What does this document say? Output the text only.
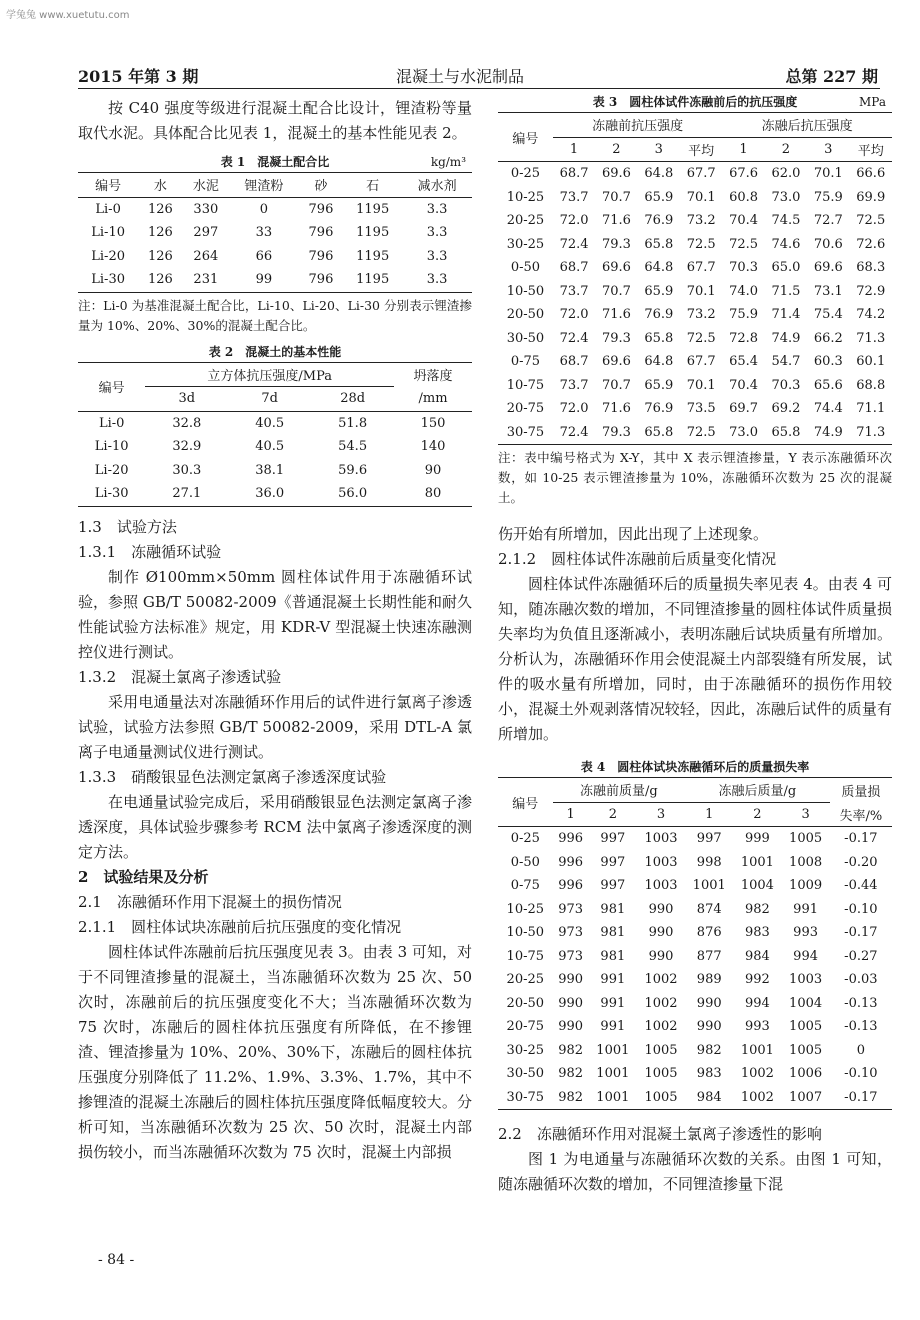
学兔兔 www.xuetutu.com
2015 年第 3 期	混凝土与水泥制品	总第 227 期

按 C40 强度等级进行混凝土配合比设计，锂渣粉等量取代水泥。具体配合比见表 1，混凝土的基本性能见表 2。

表 1　混凝土配合比	kg/m³
编号	水	水泥	锂渣粉	砂	石	减水剂
Li-0	126	330	0	796	1195	3.3
Li-10	126	297	33	796	1195	3.3
Li-20	126	264	66	796	1195	3.3
Li-30	126	231	99	796	1195	3.3
注：Li-0 为基准混凝土配合比，Li-10、Li-20、Li-30 分别表示锂渣掺量为 10%、20%、30%的混凝土配合比。
表 2　混凝土的基本性能
编号	立方体抗压强度/MPa			坍落度
	3d	7d	28d	/mm
Li-0	32.8	40.5	51.8	150
Li-10	32.9	40.5	54.5	140
Li-20	30.3	38.1	59.6	90
Li-30	27.1	36.0	56.0	80
1.3　试验方法
1.3.1　冻融循环试验

制作 Ø100mm×50mm 圆柱体试件用于冻融循环试验，参照 GB/T 50082-2009《普通混凝土长期性能和耐久性能试验方法标准》规定，用 KDR-V 型混凝土快速冻融测控仪进行测试。

1.3.2　混凝土氯离子渗透试验

采用电通量法对冻融循环作用后的试件进行氯离子渗透试验，试验方法参照 GB/T 50082-2009，采用 DTL-A 氯离子电通量测试仪进行测试。

1.3.3　硝酸银显色法测定氯离子渗透深度试验

在电通量试验完成后，采用硝酸银显色法测定氯离子渗透深度，具体试验步骤参考 RCM 法中氯离子渗透深度的测定方法。

2　试验结果及分析
2.1　冻融循环作用下混凝土的损伤情况
2.1.1　圆柱体试块冻融前后抗压强度的变化情况

圆柱体试件冻融前后抗压强度见表 3。由表 3 可知，对于不同锂渣掺量的混凝土，当冻融循环次数为 25 次、50 次时，冻融前后的抗压强度变化不大；当冻融循环次数为 75 次时，冻融后的圆柱体抗压强度有所降低，在不掺锂渣、锂渣掺量为 10%、20%、30%下，冻融后的圆柱体抗压强度分别降低了 11.2%、1.9%、3.3%、1.7%，其中不掺锂渣的混凝土冻融后的圆柱体抗压强度降低幅度较大。分析可知，当冻融循环次数为 25 次、50 次时，混凝土内部损伤较小，而当冻融循环次数为 75 次时，混凝土内部损

表 3　圆柱体试件冻融前后的抗压强度	MPa
编号	冻融前抗压强度				冻融后抗压强度			
	1	2	3	平均	1	2	3	平均
0-25	68.7	69.6	64.8	67.7	67.6	62.0	70.1	66.6
10-25	73.7	70.7	65.9	70.1	60.8	73.0	75.9	69.9
20-25	72.0	71.6	76.9	73.2	70.4	74.5	72.7	72.5
30-25	72.4	79.3	65.8	72.5	72.5	74.6	70.6	72.6
0-50	68.7	69.6	64.8	67.7	70.3	65.0	69.6	68.3
10-50	73.7	70.7	65.9	70.1	74.0	71.5	73.1	72.9
20-50	72.0	71.6	76.9	73.2	75.9	71.4	75.4	74.2
30-50	72.4	79.3	65.8	72.5	72.8	74.9	66.2	71.3
0-75	68.7	69.6	64.8	67.7	65.4	54.7	60.3	60.1
10-75	73.7	70.7	65.9	70.1	70.4	70.3	65.6	68.8
20-75	72.0	71.6	76.9	73.5	69.7	69.2	74.4	71.1
30-75	72.4	79.3	65.8	72.5	73.0	65.8	74.9	71.3
注：表中编号格式为 X-Y，其中 X 表示锂渣掺量，Y 表示冻融循环次数，如 10-25 表示锂渣掺量为 10%，冻融循环次数为 25 次的混凝土。

伤开始有所增加，因此出现了上述现象。

2.1.2　圆柱体试件冻融前后质量变化情况

圆柱体试件冻融循环后的质量损失率见表 4。由表 4 可知，随冻融次数的增加，不同锂渣掺量的圆柱体试件质量损失率均为负值且逐渐减小，表明冻融后试块质量有所增加。分析认为，冻融循环作用会使混凝土内部裂缝有所发展，试件的吸水量有所增加，同时，由于冻融循环的损伤作用较小，混凝土外观剥落情况较轻，因此，冻融后试件的质量有所增加。

表 4　圆柱体试块冻融循环后的质量损失率
编号	冻融前质量/g			冻融后质量/g			质量损
	1	2	3	1	2	3	失率/%
0-25	996	997	1003	997	999	1005	-0.17
0-50	996	997	1003	998	1001	1008	-0.20
0-75	996	997	1003	1001	1004	1009	-0.44
10-25	973	981	990	874	982	991	-0.10
10-50	973	981	990	876	983	993	-0.17
10-75	973	981	990	877	984	994	-0.27
20-25	990	991	1002	989	992	1003	-0.03
20-50	990	991	1002	990	994	1004	-0.13
20-75	990	991	1002	990	993	1005	-0.13
30-25	982	1001	1005	982	1001	1005	0
30-50	982	1001	1005	983	1002	1006	-0.10
30-75	982	1001	1005	984	1002	1007	-0.17
2.2　冻融循环作用对混凝土氯离子渗透性的影响

图 1 为电通量与冻融循环次数的关系。由图 1 可知，随冻融循环次数的增加，不同锂渣掺量下混

- 84 -
